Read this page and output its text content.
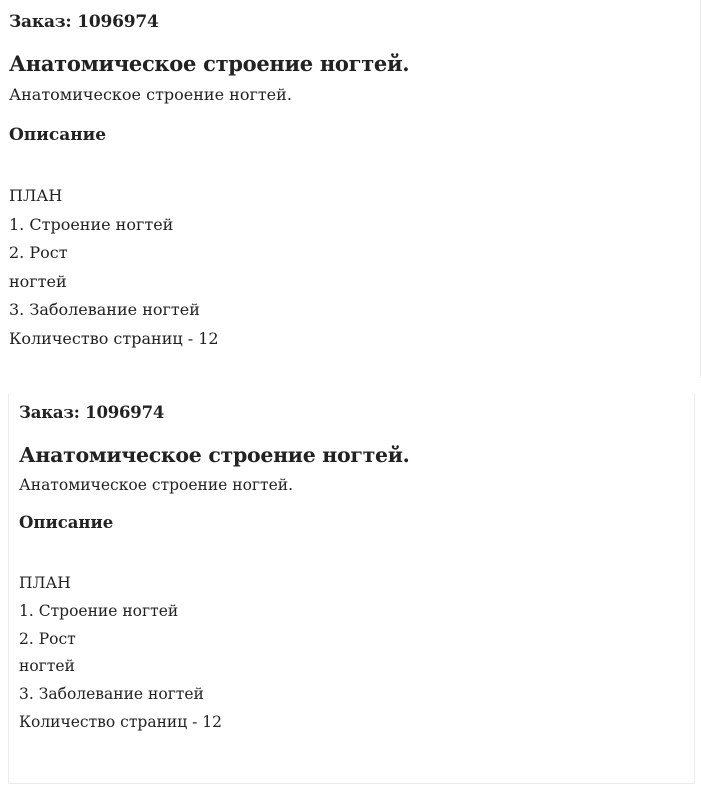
Заказ: 1096974
Анатомическое строение ногтей.
Анатомическое строение ногтей.
Описание
ПЛАН
1. Строение ногтей
2. Рост
ногтей
3. Заболевание ногтей
Количество страниц - 12
Заказ: 1096974
Анатомическое строение ногтей.
Анатомическое строение ногтей.
Описание
ПЛАН
1. Строение ногтей
2. Рост
ногтей
3. Заболевание ногтей
Количество страниц - 12
